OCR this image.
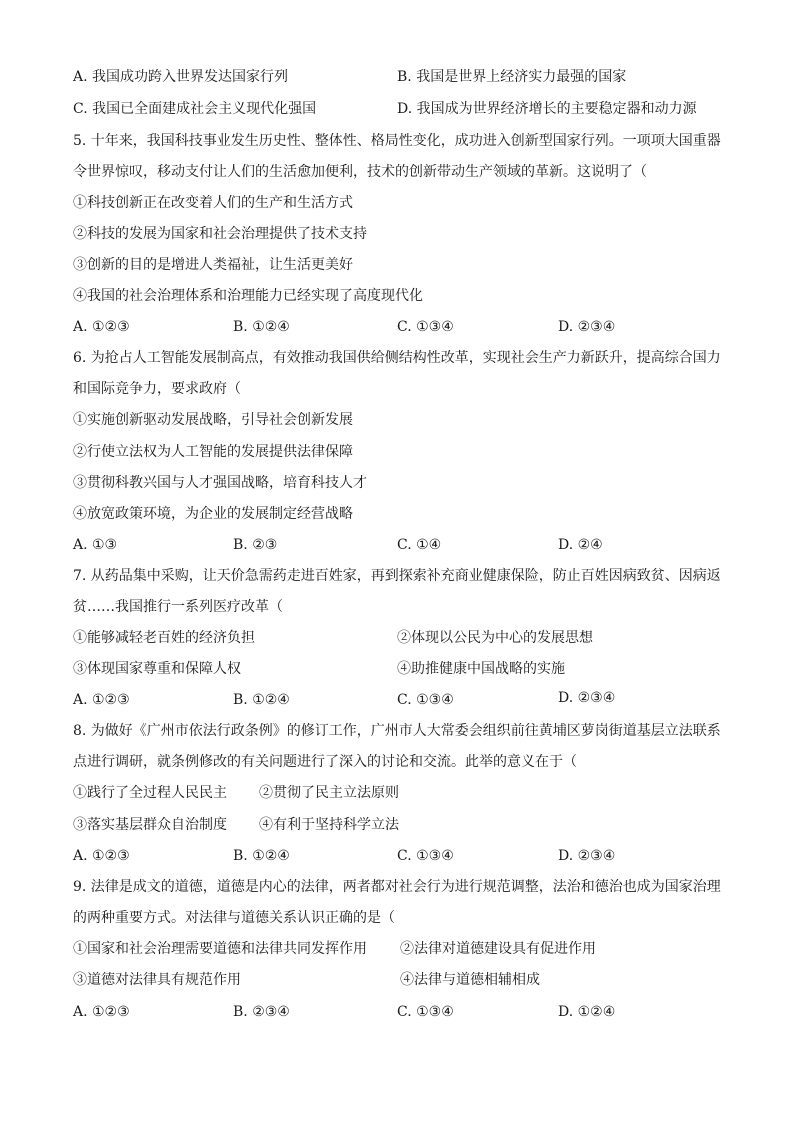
A. 我国成功跨入世界发达国家行列	B. 我国是世界上经济实力最强的国家
C. 我国已全面建成社会主义现代化强国	D. 我国成为世界经济增长的主要稳定器和动力源
5. 十年来，我国科技事业发生历史性、整体性、格局性变化，成功进入创新型国家行列。一项项大国重器
令世界惊叹，移动支付让人们的生活愈加便利，技术的创新带动生产领域的革新。这说明了（
①科技创新正在改变着人们的生产和生活方式
②科技的发展为国家和社会治理提供了技术支持
③创新的目的是增进人类福祉，让生活更美好
④我国的社会治理体系和治理能力已经实现了高度现代化
A. ①②③	B. ①②④	C. ①③④	D. ②③④
6. 为抢占人工智能发展制高点，有效推动我国供给侧结构性改革，实现社会生产力新跃升，提高综合国力
和国际竞争力，要求政府（
①实施创新驱动发展战略，引导社会创新发展
②行使立法权为人工智能的发展提供法律保障
③贯彻科教兴国与人才强国战略，培育科技人才
④放宽政策环境，为企业的发展制定经营战略
A. ①③	B. ②③	C. ①④	D. ②④
7. 从药品集中采购，让天价急需药走进百姓家，再到探索补充商业健康保险，防止百姓因病致贫、因病返
贫……我国推行一系列医疗改革（
①能够减轻老百姓的经济负担	②体现以公民为中心的发展思想
③体现国家尊重和保障人权	④助推健康中国战略的实施
A. ①②③	B. ①②④	C. ①③④	D. ②③④
8. 为做好《广州市依法行政条例》的修订工作，广州市人大常委会组织前往黄埔区萝岗街道基层立法联系
点进行调研，就条例修改的有关问题进行了深入的讨论和交流。此举的意义在于（
①践行了全过程人民民主 ②贯彻了民主立法原则
③落实基层群众自治制度 ④有利于坚持科学立法
A. ①②③	B. ①②④	C. ①③④	D. ②③④
9. 法律是成文的道德，道德是内心的法律，两者都对社会行为进行规范调整，法治和德治也成为国家治理
的两种重要方式。对法律与道德关系认识正确的是（
①国家和社会治理需要道德和法律共同发挥作用 ②法律对道德建设具有促进作用
③道德对法律具有规范作用	④法律与道德相辅相成
A. ①②③	B. ②③④	C. ①③④	D. ①②④
